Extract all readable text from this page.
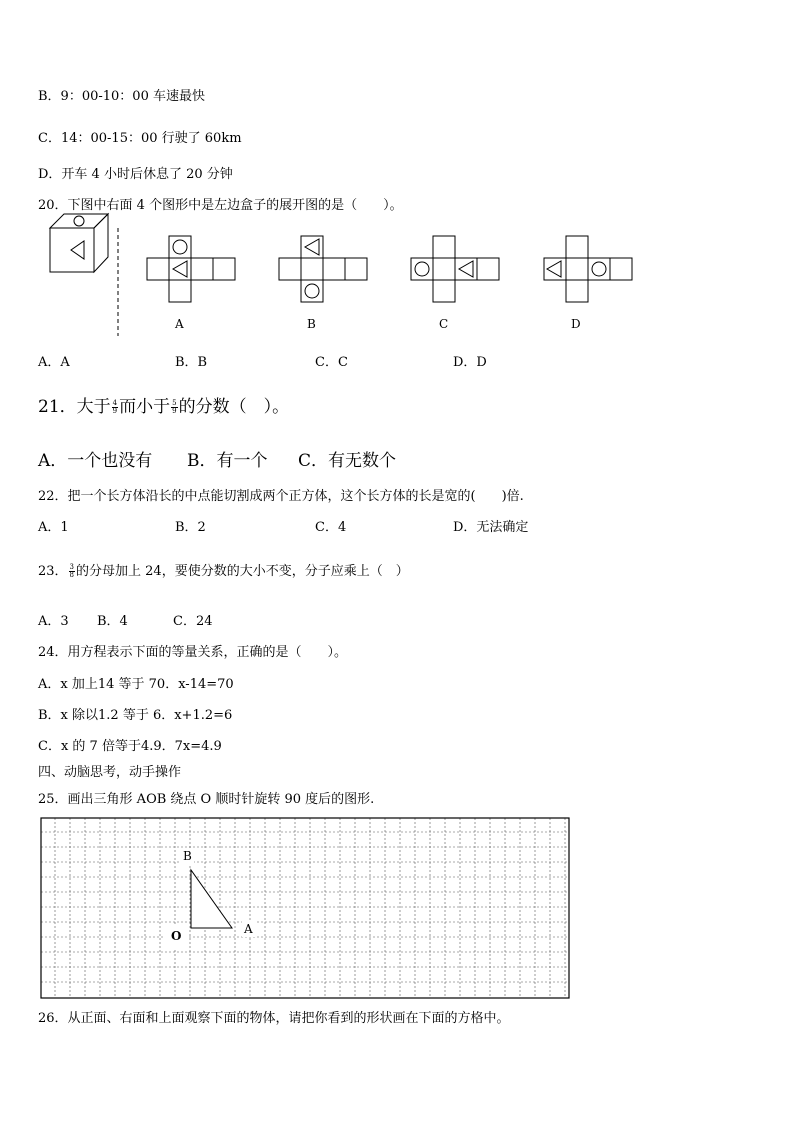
B．9：00-10：00 车速最快
C．14：00-15：00 行驶了 60km
D．开车 4 小时后休息了 20 分钟
20．下图中右面 4 个图形中是左边盒子的展开图的是（　　）。
A	B	C	D
A．A	B．B	C．C	D．D
21．大于 $\frac{4}{9}$ 而小于 $\frac{5}{9}$ 的分数（　）。
A．一个也没有 B．有一个 C．有无数个
22．把一个长方体沿长的中点能切割成两个正方体，这个长方体的长是宽的(　　)倍.
A．1	B．2	C．4	D．无法确定
23． $\frac{3}{8}$ 的分母加上 24，要使分数的大小不变，分子应乘上（　）
A．3 B．4	C．24
24．用方程表示下面的等量关系，正确的是（　　）。
A．x 加上14 等于 70．x-14=70
B．x 除以1.2 等于 6．x+1.2=6
C．x 的 7 倍等于4.9．7x=4.9
四、动脑思考，动手操作
25．画出三角形 AOB 绕点 O 顺时针旋转 90 度后的图形.
B
A
O
26．从正面、右面和上面观察下面的物体，请把你看到的形状画在下面的方格中。
